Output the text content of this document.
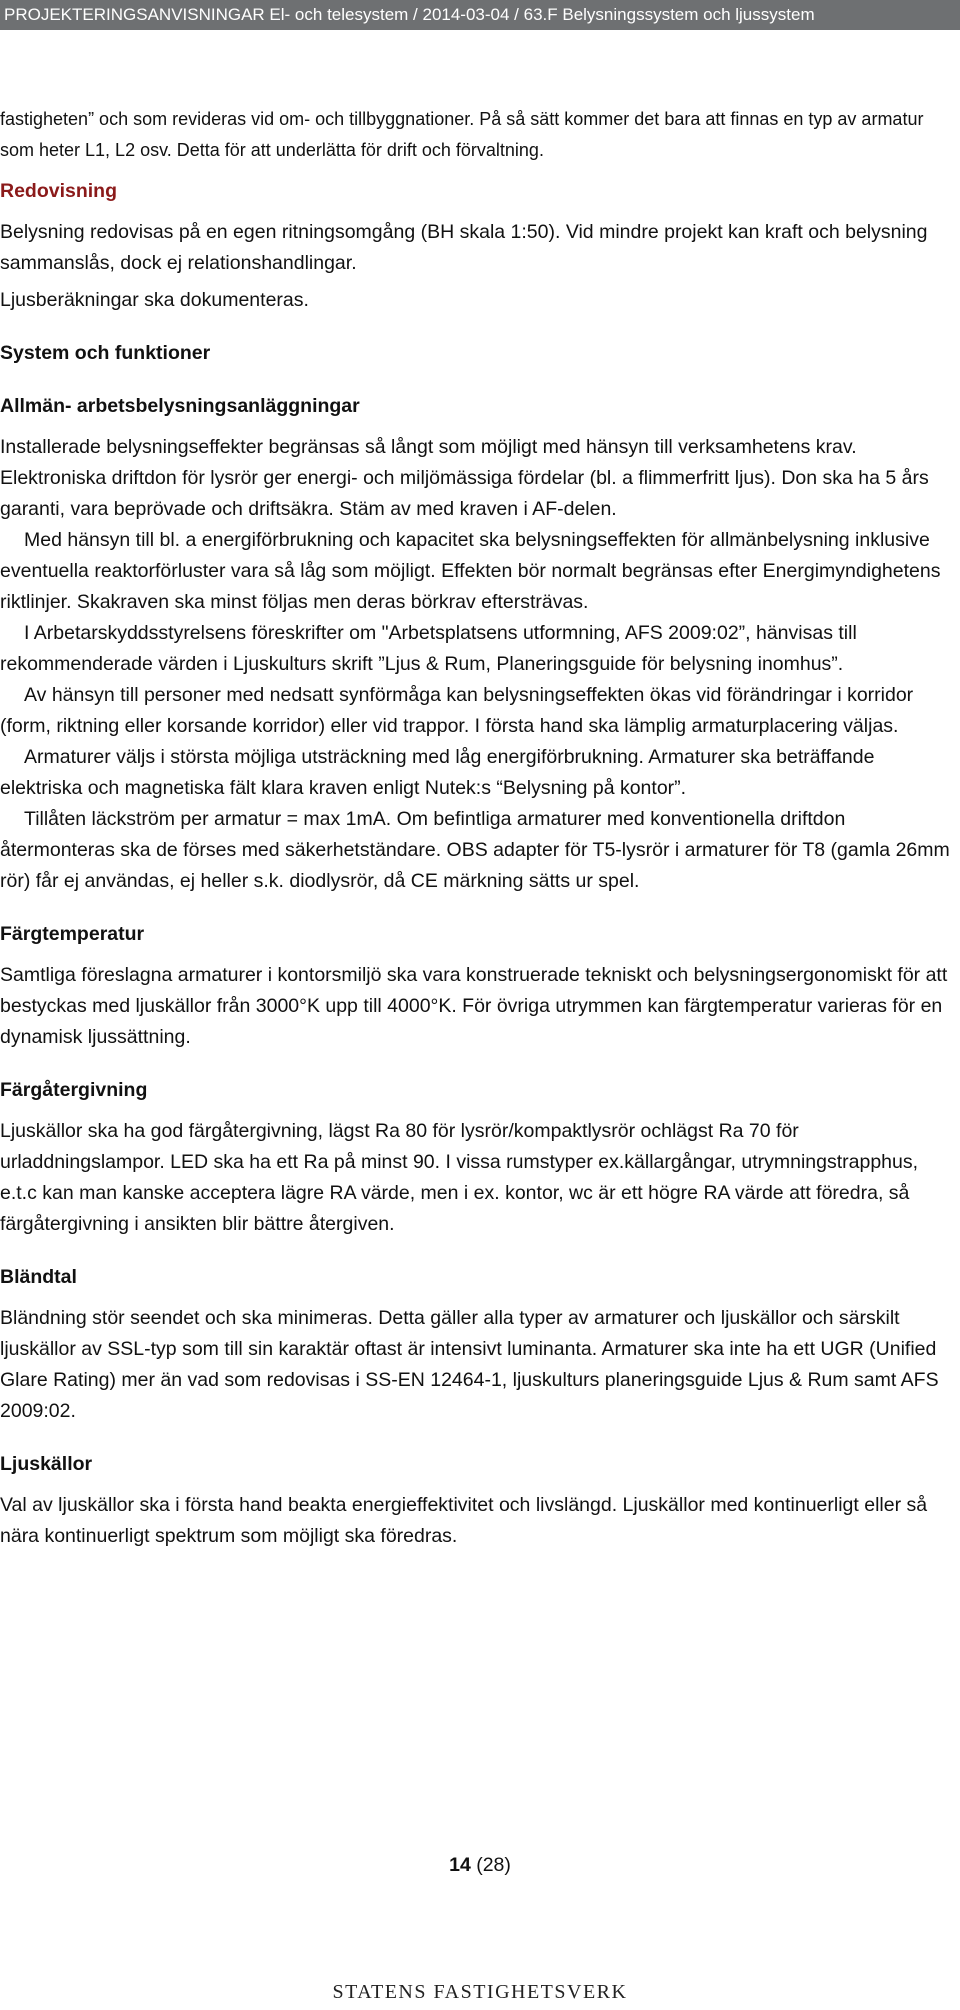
PROJEKTERINGSANVISNINGAR El- och telesystem / 2014-03-04 / 63.F Belysningssystem och ljussystem

fastigheten” och som revideras vid om- och tillbyggnationer. På så sätt kommer det bara att finnas en typ av armatur som heter L1, L2 osv. Detta för att underlätta för drift och förvaltning.

Redovisning

Belysning redovisas på en egen ritningsomgång (BH skala 1:50). Vid mindre projekt kan kraft och belysning sammanslås, dock ej relationshandlingar.

Ljusberäkningar ska dokumenteras.

System och funktioner
Allmän- arbetsbelysningsanläggningar

Installerade belysningseffekter begränsas så långt som möjligt med hänsyn till verksamhetens krav. Elektroniska driftdon för lysrör ger energi- och miljömässiga fördelar (bl. a flimmerfritt ljus). Don ska ha 5 års garanti, vara beprövade och driftsäkra. Stäm av med kraven i AF-delen.

Med hänsyn till bl. a energiförbrukning och kapacitet ska belysningseffekten för allmänbelysning inklusive eventuella reaktorförluster vara så låg som möjligt. Effekten bör normalt begränsas efter Energimyndighetens riktlinjer. Skakraven ska minst följas men deras börkrav eftersträvas.

I Arbetarskyddsstyrelsens föreskrifter om "Arbetsplatsens utformning, AFS 2009:02”, hänvisas till rekommenderade värden i Ljuskulturs skrift ”Ljus & Rum, Planeringsguide för belysning inomhus”.

Av hänsyn till personer med nedsatt synförmåga kan belysningseffekten ökas vid förändringar i korridor (form, riktning eller korsande korridor) eller vid trappor. I första hand ska lämplig armaturplacering väljas.

Armaturer väljs i största möjliga utsträckning med låg energiförbrukning. Armaturer ska beträffande elektriska och magnetiska fält klara kraven enligt Nutek:s “Belysning på kontor”.

Tillåten läckström per armatur = max 1mA. Om befintliga armaturer med konventionella driftdon återmonteras ska de förses med säkerhetständare. OBS adapter för T5-lysrör i armaturer för T8 (gamla 26mm rör) får ej användas, ej heller s.k. diodlysrör, då CE märkning sätts ur spel.

Färgtemperatur

Samtliga föreslagna armaturer i kontorsmiljö ska vara konstruerade tekniskt och belysningsergonomiskt för att bestyckas med ljuskällor från 3000°K upp till 4000°K. För övriga utrymmen kan färgtemperatur varieras för en dynamisk ljussättning.

Färgåtergivning

Ljuskällor ska ha god färgåtergivning, lägst Ra 80 för lysrör/kompaktlysrör ochlägst Ra 70 för urladdningslampor. LED ska ha ett Ra på minst 90. I vissa rumstyper ex.källargångar, utrymningstrapphus, e.t.c kan man kanske acceptera lägre RA värde, men i ex. kontor, wc är ett högre RA värde att föredra, så färgåtergivning i ansikten blir bättre återgiven.

Bländtal

Bländning stör seendet och ska minimeras. Detta gäller alla typer av armaturer och ljuskällor och särskilt ljuskällor av SSL-typ som till sin karaktär oftast är intensivt luminanta. Armaturer ska inte ha ett UGR (Unified Glare Rating) mer än vad som redovisas i SS-EN 12464-1, ljuskulturs planeringsguide Ljus & Rum samt AFS 2009:02.

Ljuskällor

Val av ljuskällor ska i första hand beakta energieffektivitet och livslängd. Ljuskällor med kontinuerligt eller så nära kontinuerligt spektrum som möjligt ska föredras.

14 (28)
STATENS FASTIGHETSVERK
